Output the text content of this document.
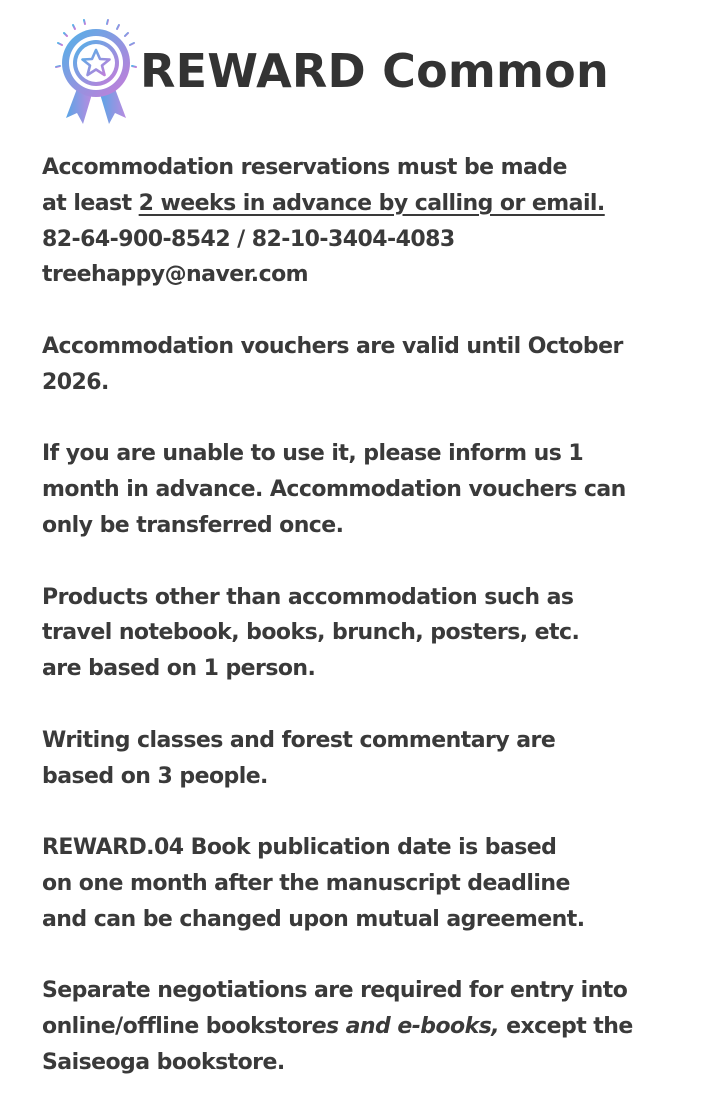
REWARD Common

Accommodation reservations must be made
at least 2 weeks in advance by calling or email.
82-64-900-8542 / 82-10-3404-4083
treehappy@naver.com

Accommodation vouchers are valid until October
2026.

If you are unable to use it, please inform us 1
month in advance. Accommodation vouchers can
only be transferred once.

Products other than accommodation such as
travel notebook, books, brunch, posters, etc.
are based on 1 person.

Writing classes and forest commentary are
based on 3 people.

REWARD.04 Book publication date is based
on one month after the manuscript deadline
and can be changed upon mutual agreement.

Separate negotiations are required for entry into
online/offline bookstores and e-books, except the
Saiseoga bookstore.
